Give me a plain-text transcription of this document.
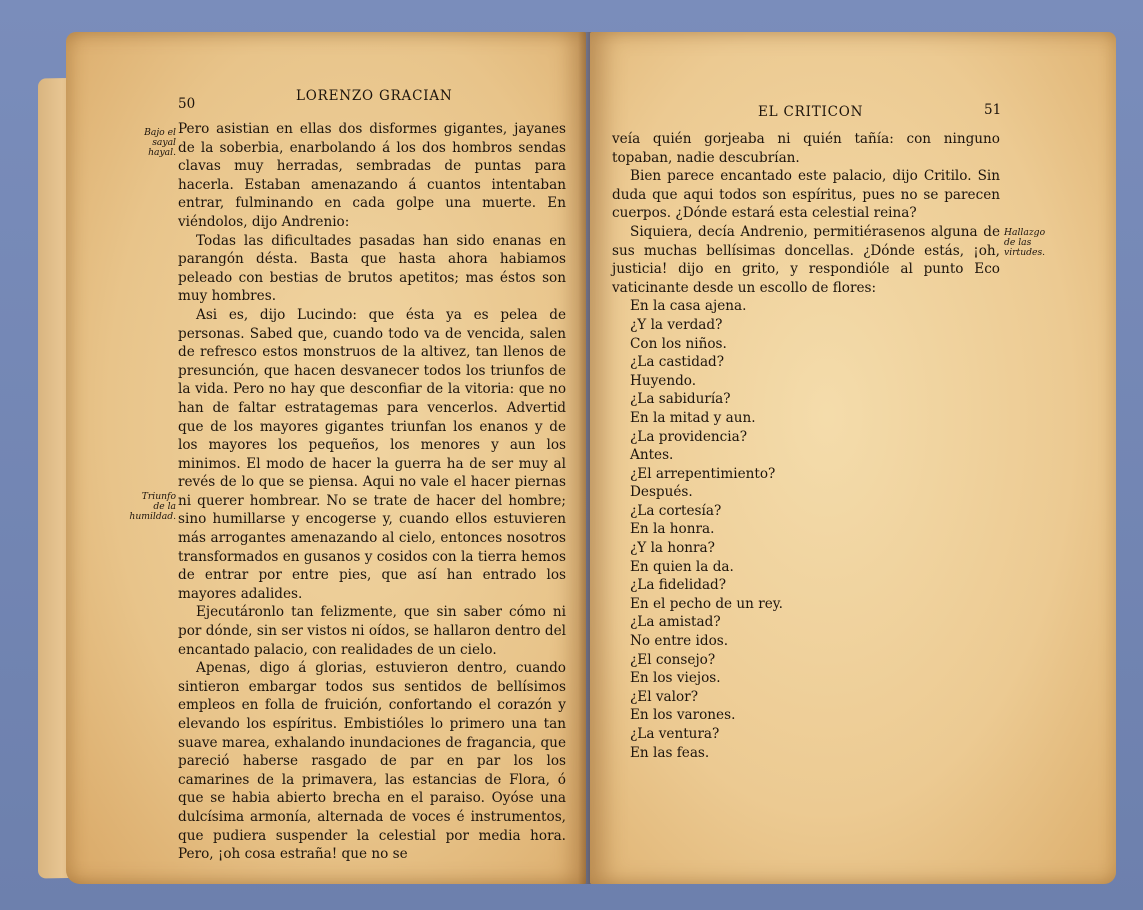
50	LORENZO GRACIAN
Bajo el sayal hayal.
Triunfo de la humildad.

Pero asistian en ellas dos disformes gigantes, jayanes de la soberbia, enarbolando á los dos hombros sendas clavas muy herradas, sembradas de puntas para hacerla. Estaban amenazando á cuantos intentaban entrar, fulminando en cada golpe una muerte. En viéndolos, dijo Andrenio:

Todas las dificultades pasadas han sido enanas en parangón désta. Basta que hasta ahora habiamos peleado con bestias de brutos apetitos; mas éstos son muy hombres.

Asi es, dijo Lucindo: que ésta ya es pelea de personas. Sabed que, cuando todo va de vencida, salen de refresco estos monstruos de la altivez, tan llenos de presunción, que hacen desvanecer todos los triunfos de la vida. Pero no hay que desconfiar de la vitoria: que no han de faltar estratagemas para vencerlos. Advertid que de los mayores gigantes triunfan los enanos y de los mayores los pequeños, los menores y aun los minimos. El modo de hacer la guerra ha de ser muy al revés de lo que se piensa. Aqui no vale el hacer piernas ni querer hombrear. No se trate de hacer del hombre; sino humillarse y encogerse y, cuando ellos estuvieren más arrogantes amenazando al cielo, entonces nosotros transformados en gusanos y cosidos con la tierra hemos de entrar por entre pies, que así han entrado los mayores adalides.

Ejecutáronlo tan felizmente, que sin saber cómo ni por dónde, sin ser vistos ni oídos, se hallaron dentro del encantado palacio, con realidades de un cielo.

Apenas, digo á glorias, estuvieron dentro, cuando sintieron embargar todos sus sentidos de bellísimos empleos en folla de fruición, confortando el corazón y elevando los espíritus. Embistióles lo primero una tan suave marea, exhalando inundaciones de fragancia, que pareció haberse rasgado de par en par los los camarines de la primavera, las estancias de Flora, ó que se habia abierto brecha en el paraiso. Oyóse una dulcísima armonía, alternada de voces é instrumentos, que pudiera suspender la celestial por media hora. Pero, ¡oh cosa estraña! que no se

EL CRITICON	51
Hallazgo de las virtudes.

veía quién gorjeaba ni quién tañía: con ninguno topaban, nadie descubrían.

Bien parece encantado este palacio, dijo Critilo. Sin duda que aqui todos son espíritus, pues no se parecen cuerpos. ¿Dónde estará esta celestial reina?

Siquiera, decía Andrenio, permitiérasenos alguna de sus muchas bellísimas doncellas. ¿Dónde estás, ¡oh, justicia! dijo en grito, y respondióle al punto Eco vaticinante desde un escollo de flores:

En la casa ajena.
¿Y la verdad?
Con los niños.
¿La castidad?
Huyendo.
¿La sabiduría?
En la mitad y aun.
¿La providencia?
Antes.
¿El arrepentimiento?
Después.
¿La cortesía?
En la honra.
¿Y la honra?
En quien la da.
¿La fidelidad?
En el pecho de un rey.
¿La amistad?
No entre idos.
¿El consejo?
En los viejos.
¿El valor?
En los varones.
¿La ventura?
En las feas.
